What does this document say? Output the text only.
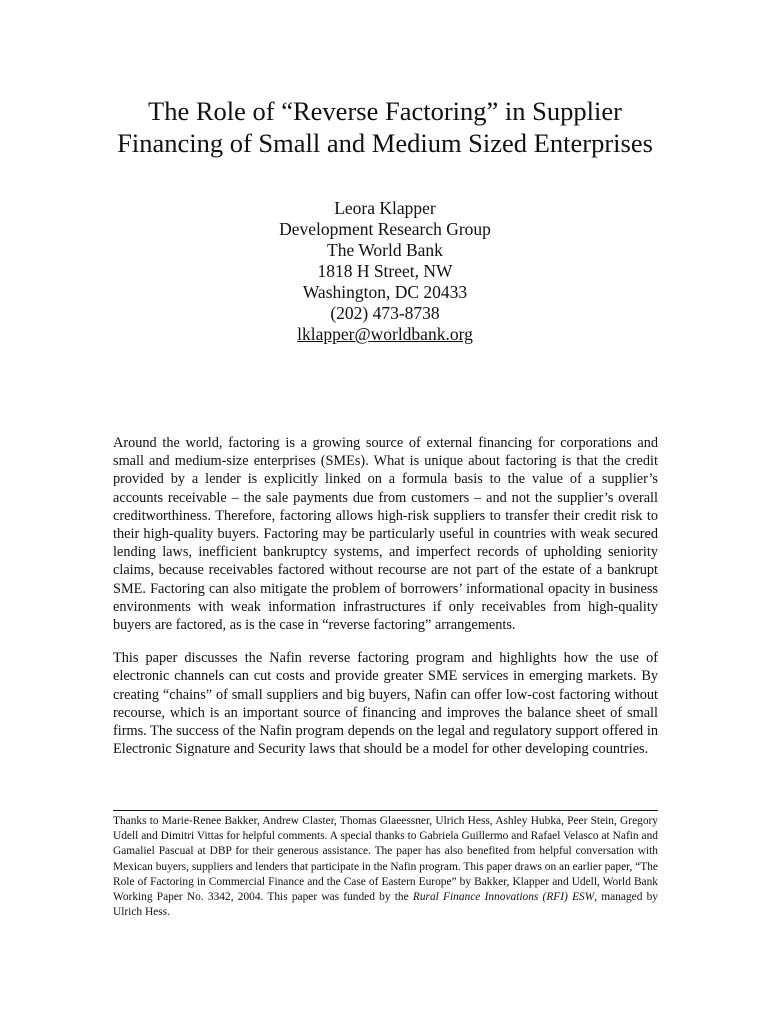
The Role of “Reverse Factoring” in Supplier
Financing of Small and Medium Sized Enterprises
Leora Klapper
Development Research Group
The World Bank
1818 H Street, NW
Washington, DC 20433
(202) 473-8738
lklapper@worldbank.org

Around the world, factoring is a growing source of external financing for corporations and small and medium-size enterprises (SMEs). What is unique about factoring is that the credit provided by a lender is explicitly linked on a formula basis to the value of a supplier’s accounts receivable – the sale payments due from customers – and not the supplier’s overall creditworthiness. Therefore, factoring allows high-risk suppliers to transfer their credit risk to their high-quality buyers. Factoring may be particularly useful in countries with weak secured lending laws, inefficient bankruptcy systems, and imperfect records of upholding seniority claims, because receivables factored without recourse are not part of the estate of a bankrupt SME. Factoring can also mitigate the problem of borrowers’ informational opacity in business environments with weak information infrastructures if only receivables from high-quality buyers are factored, as is the case in “reverse factoring” arrangements.

This paper discusses the Nafin reverse factoring program and highlights how the use of electronic channels can cut costs and provide greater SME services in emerging markets. By creating “chains” of small suppliers and big buyers, Nafin can offer low-cost factoring without recourse, which is an important source of financing and improves the balance sheet of small firms. The success of the Nafin program depends on the legal and regulatory support offered in Electronic Signature and Security laws that should be a model for other developing countries.

Thanks to Marie-Renee Bakker, Andrew Claster, Thomas Glaeessner, Ulrich Hess, Ashley Hubka, Peer Stein, Gregory Udell and Dimitri Vittas for helpful comments. A special thanks to Gabriela Guillermo and Rafael Velasco at Nafin and Gamaliel Pascual at DBP for their generous assistance. The paper has also benefited from helpful conversation with Mexican buyers, suppliers and lenders that participate in the Nafin program. This paper draws on an earlier paper, “The Role of Factoring in Commercial Finance and the Case of Eastern Europe” by Bakker, Klapper and Udell, World Bank Working Paper No. 3342, 2004. This paper was funded by the Rural Finance Innovations (RFI) ESW, managed by Ulrich Hess.
